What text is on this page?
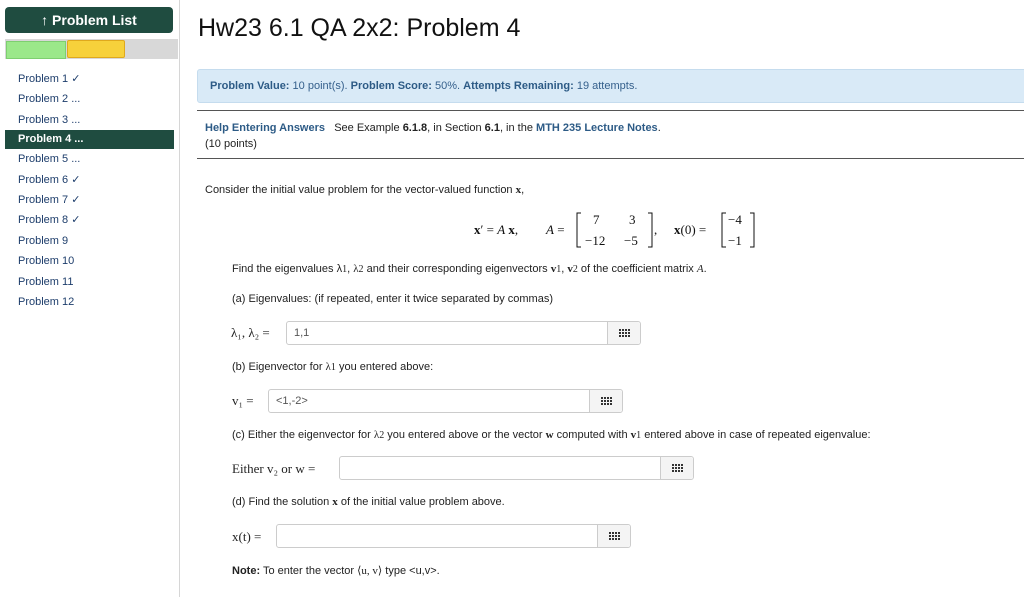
↑ Problem List
Problem 1 ✓
Problem 2 ...
Problem 3 ...
Problem 4 ...
Problem 5 ...
Problem 6 ✓
Problem 7 ✓
Problem 8 ✓
Problem 9
Problem 10
Problem 11
Problem 12
Hw23 6.1 QA 2x2: Problem 4
Problem Value: 10 point(s). Problem Score: 50%. Attempts Remaining: 19 attempts.
Help Entering Answers See Example 6.1.8, in Section 6.1, in the MTH 235 Lecture Notes.
(10 points)
Consider the initial value problem for the vector-valued function x,
x′ = A x, A =
7 3
−12 −5
, x(0) =
−4
−1
Find the eigenvalues λ1, λ2 and their corresponding eigenvectors v1, v2 of the coefficient matrix A.
(a) Eigenvalues: (if repeated, enter it twice separated by commas)
λ₁, λ₂ = 1,1
(b) Eigenvector for λ1 you entered above:
v₁ = <1,-2>
(c) Either the eigenvector for λ2 you entered above or the vector w computed with v1 entered above in case of repeated eigenvalue:
Either v₂ or w =
(d) Find the solution x of the initial value problem above.
x(t) =
Note: To enter the vector ⟨u, v⟩ type <u,v>.
